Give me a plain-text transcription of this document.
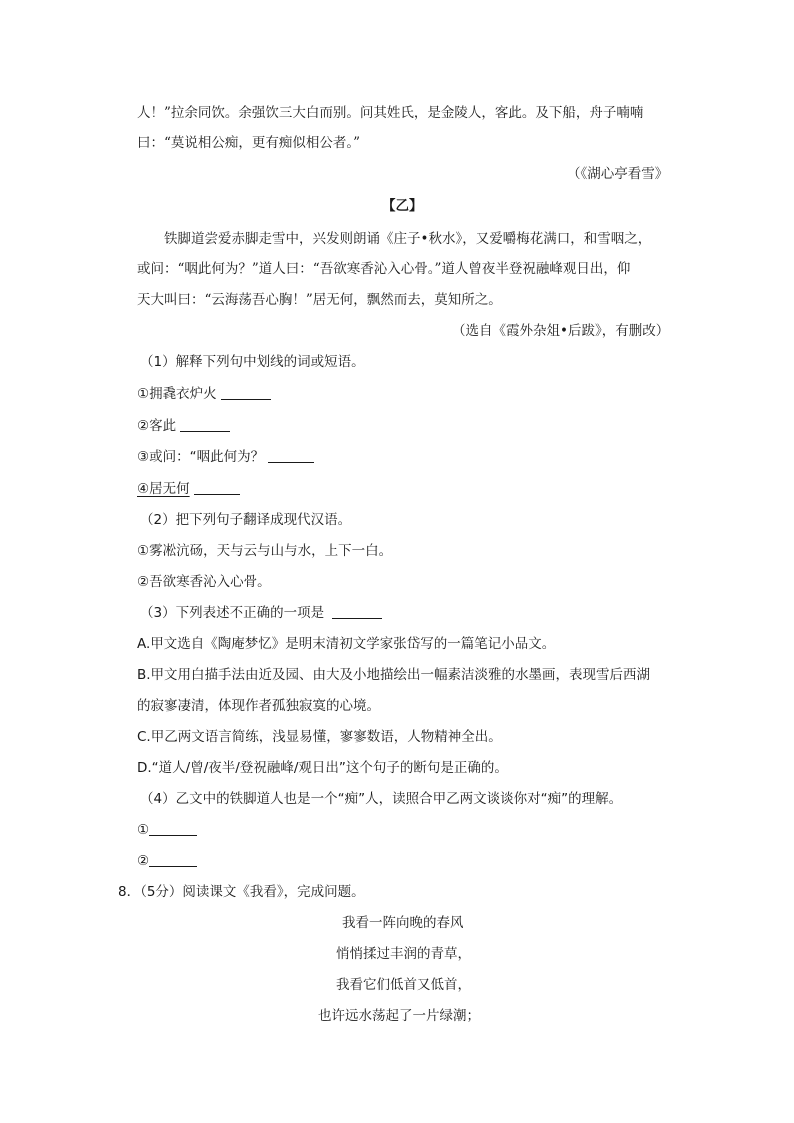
人！”拉余同饮。余强饮三大白而别。问其姓氏，是金陵人，客此。及下船，舟子喃喃
曰：“莫说相公痴，更有痴似相公者。”
（《湖心亭看雪》
【乙】
铁脚道尝爱赤脚走雪中，兴发则朗诵《庄子•秋水》，又爱嚼梅花满口，和雪咽之，
或问：“咽此何为？”道人曰：“吾欲寒香沁入心骨。”道人曾夜半登祝融峰观日出，仰
天大叫曰：“云海荡吾心胸！”居无何，飘然而去，莫知所之。
（选自《霞外杂俎•后跋》，有删改）
（1）解释下列句中划线的词或短语。
①拥毳衣炉火
②客此
③或问：“咽此何为？
④居无何
（2）把下列句子翻译成现代汉语。
①雾凇沆砀，天与云与山与水，上下一白。
②吾欲寒香沁入心骨。
（3）下列表述不正确的一项是
A.甲文选自《陶庵梦忆》是明末清初文学家张岱写的一篇笔记小品文。
B.甲文用白描手法由近及园、由大及小地描绘出一幅素洁淡雅的水墨画，表现雪后西湖
的寂寥凄清，体现作者孤独寂寞的心境。
C.甲乙两文语言简练，浅显易懂，寥寥数语，人物精神全出。
D.“道人/曾/夜半/登祝融峰/观日出”这个句子的断句是正确的。
（4）乙文中的铁脚道人也是一个“痴”人，读照合甲乙两文谈谈你对“痴”的理解。
①
②
8．（5分）阅读课文《我看》，完成问题。
我看一阵向晚的春风
悄悄揉过丰润的青草，
我看它们低首又低首，
也许远水荡起了一片绿潮；
